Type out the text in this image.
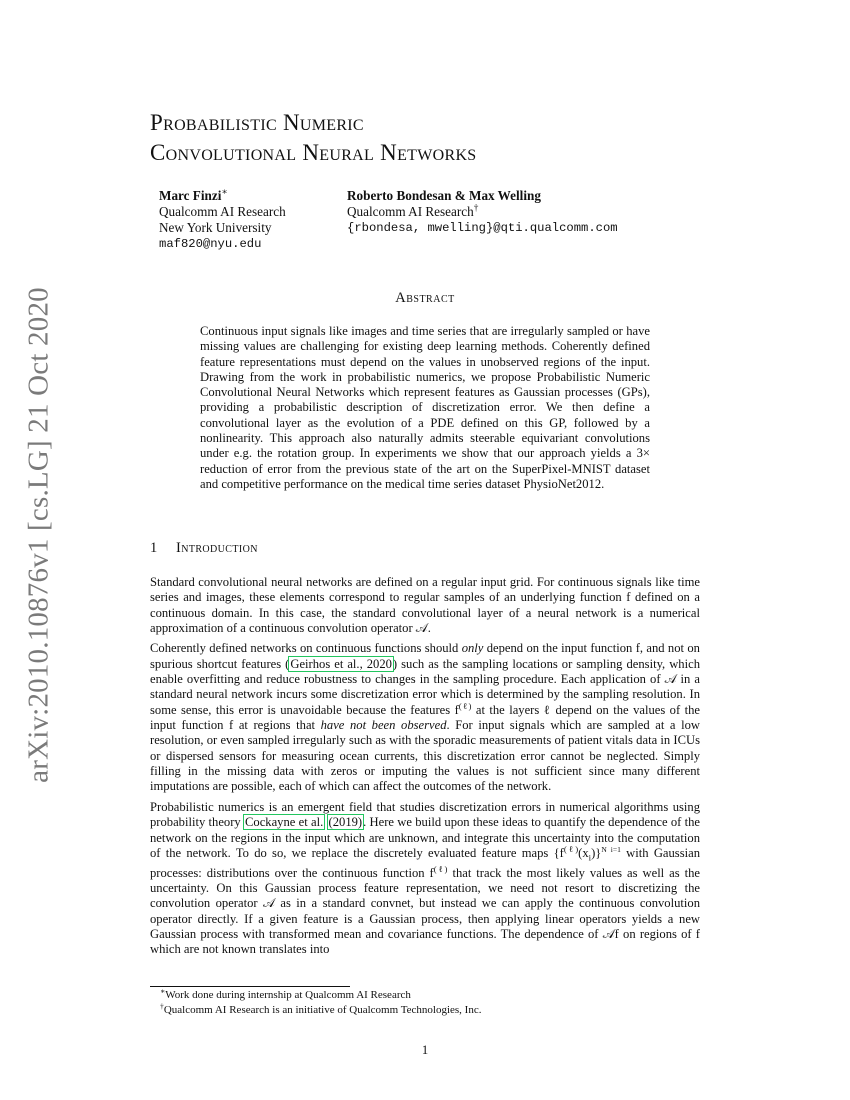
arXiv:2010.10876v1 [cs.LG] 21 Oct 2020
Probabilistic Numeric
Convolutional Neural Networks
Marc Finzi∗
Qualcomm AI Research
New York University
maf820@nyu.edu
Roberto Bondesan & Max Welling
Qualcomm AI Research†
{rbondesa, mwelling}@qti.qualcomm.com
Abstract
Continuous input signals like images and time series that are irregularly sampled or have missing values are challenging for existing deep learning methods. Coherently defined feature representations must depend on the values in unobserved regions of the input. Drawing from the work in probabilistic numerics, we propose Probabilistic Numeric Convolutional Neural Networks which represent features as Gaussian processes (GPs), providing a probabilistic description of discretization error. We then define a convolutional layer as the evolution of a PDE defined on this GP, followed by a nonlinearity. This approach also naturally admits steerable equivariant convolutions under e.g. the rotation group. In experiments we show that our approach yields a 3× reduction of error from the previous state of the art on the SuperPixel-MNIST dataset and competitive performance on the medical time series dataset PhysioNet2012.
1 Introduction

Standard convolutional neural networks are defined on a regular input grid. For continuous signals like time series and images, these elements correspond to regular samples of an underlying function f defined on a continuous domain. In this case, the standard convolutional layer of a neural network is a numerical approximation of a continuous convolution operator 𝒜.

Coherently defined networks on continuous functions should only depend on the input function f, and not on spurious shortcut features (Geirhos et al., 2020) such as the sampling locations or sampling density, which enable overfitting and reduce robustness to changes in the sampling procedure. Each application of 𝒜 in a standard neural network incurs some discretization error which is determined by the sampling resolution. In some sense, this error is unavoidable because the features $f^{(\ell)}$ at the layers ℓ depend on the values of the input function f at regions that have not been observed. For input signals which are sampled at a low resolution, or even sampled irregularly such as with the sporadic measurements of patient vitals data in ICUs or dispersed sensors for measuring ocean currents, this discretization error cannot be neglected. Simply filling in the missing data with zeros or imputing the values is not sufficient since many different imputations are possible, each of which can affect the outcomes of the network.

Probabilistic numerics is an emergent field that studies discretization errors in numerical algorithms using probability theory Cockayne et al. (2019). Here we build upon these ideas to quantify the dependence of the network on the regions in the input which are unknown, and integrate this uncertainty into the computation of the network. To do so, we replace the discretely evaluated feature maps $\{f^{(\ell)}(x_i)\}^{N i=1}$ with Gaussian processes: distributions over the continuous function $f^{(\ell)}$ that track the most likely values as well as the uncertainty. On this Gaussian process feature representation, we need not resort to discretizing the convolution operator 𝒜 as in a standard convnet, but instead we can apply the continuous convolution operator directly. If a given feature is a Gaussian process, then applying linear operators yields a new Gaussian process with transformed mean and covariance functions. The dependence of 𝒜f on regions of f which are not known translates into

∗Work done during internship at Qualcomm AI Research
†Qualcomm AI Research is an initiative of Qualcomm Technologies, Inc.
1
